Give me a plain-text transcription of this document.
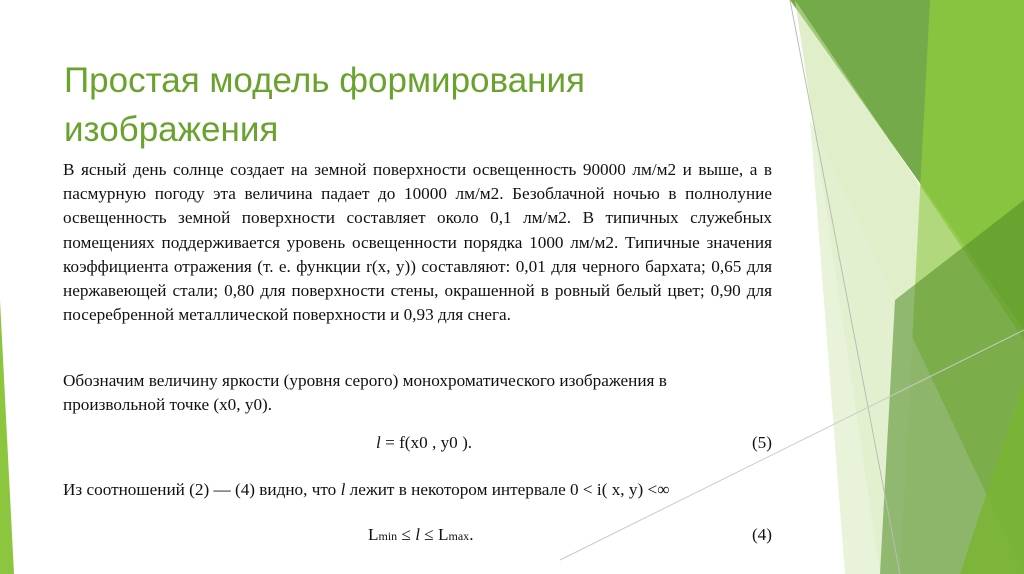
Простая модель формирования
изображения
В ясный день солнце создает на земной поверхности освещенность 90000 лм/м2 и выше, а в пасмурную погоду эта величина падает до 10000 лм/м2. Безоблачной ночью в полнолуние освещенность земной поверхности составляет около 0,1 лм/м2. В типичных служебных помещениях поддерживается уровень освещенности порядка 1000 лм/м2. Типичные значения коэффициента отражения (т. е. функции r(x, y)) составляют: 0,01 для черного бархата; 0,65 для нержавеющей стали; 0,80 для поверхности стены, окрашенной в ровный белый цвет; 0,90 для посеребренной металлической поверхности и 0,93 для снега.
Обозначим величину яркости (уровня серого) монохроматического изображения в произвольной точке (x0, y0).
l = f(x0 , y0 ).	(5)
Из соотношений (2) — (4) видно, что l лежит в некотором интервале 0 < i( x, y) <∞
Lmin ≤ l ≤ Lmax.	(4)
